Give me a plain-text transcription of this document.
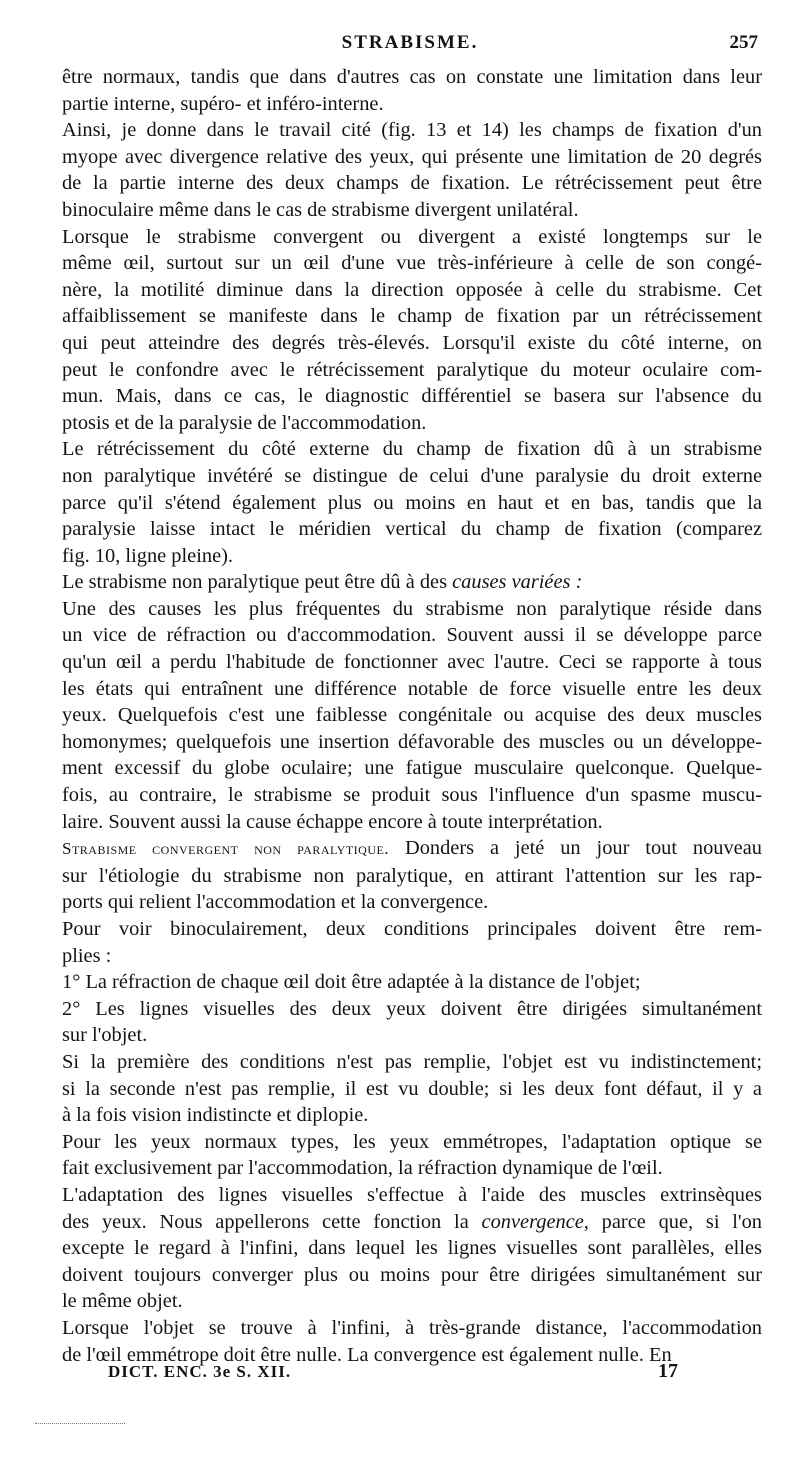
STRABISME.	257
être normaux, tandis que dans d'autres cas on constate une limitation dans leur
partie interne, supéro- et inféro-interne.
Ainsi, je donne dans le travail cité (fig. 13 et 14) les champs de fixation d'un
myope avec divergence relative des yeux, qui présente une limitation de 20 degrés
de la partie interne des deux champs de fixation. Le rétrécissement peut être
binoculaire même dans le cas de strabisme divergent unilatéral.
Lorsque le strabisme convergent ou divergent a existé longtemps sur le
même œil, surtout sur un œil d'une vue très-inférieure à celle de son congé-
nère, la motilité diminue dans la direction opposée à celle du strabisme. Cet
affaiblissement se manifeste dans le champ de fixation par un rétrécissement
qui peut atteindre des degrés très-élevés. Lorsqu'il existe du côté interne, on
peut le confondre avec le rétrécissement paralytique du moteur oculaire com-
mun. Mais, dans ce cas, le diagnostic différentiel se basera sur l'absence du
ptosis et de la paralysie de l'accommodation.
Le rétrécissement du côté externe du champ de fixation dû à un strabisme
non paralytique invétéré se distingue de celui d'une paralysie du droit externe
parce qu'il s'étend également plus ou moins en haut et en bas, tandis que la
paralysie laisse intact le méridien vertical du champ de fixation (comparez
fig. 10, ligne pleine).
Le strabisme non paralytique peut être dû à des causes variées :
Une des causes les plus fréquentes du strabisme non paralytique réside dans
un vice de réfraction ou d'accommodation. Souvent aussi il se développe parce
qu'un œil a perdu l'habitude de fonctionner avec l'autre. Ceci se rapporte à tous
les états qui entraînent une différence notable de force visuelle entre les deux
yeux. Quelquefois c'est une faiblesse congénitale ou acquise des deux muscles
homonymes; quelquefois une insertion défavorable des muscles ou un développe-
ment excessif du globe oculaire; une fatigue musculaire quelconque. Quelque-
fois, au contraire, le strabisme se produit sous l'influence d'un spasme muscu-
laire. Souvent aussi la cause échappe encore à toute interprétation.
Strabisme convergent non paralytique. Donders a jeté un jour tout nouveau
sur l'étiologie du strabisme non paralytique, en attirant l'attention sur les rap-
ports qui relient l'accommodation et la convergence.
Pour voir binoculairement, deux conditions principales doivent être rem-
plies :
1° La réfraction de chaque œil doit être adaptée à la distance de l'objet;
2° Les lignes visuelles des deux yeux doivent être dirigées simultanément
sur l'objet.
Si la première des conditions n'est pas remplie, l'objet est vu indistinctement;
si la seconde n'est pas remplie, il est vu double; si les deux font défaut, il y a
à la fois vision indistincte et diplopie.
Pour les yeux normaux types, les yeux emmétropes, l'adaptation optique se
fait exclusivement par l'accommodation, la réfraction dynamique de l'œil.
L'adaptation des lignes visuelles s'effectue à l'aide des muscles extrinsèques
des yeux. Nous appellerons cette fonction la convergence, parce que, si l'on
excepte le regard à l'infini, dans lequel les lignes visuelles sont parallèles, elles
doivent toujours converger plus ou moins pour être dirigées simultanément sur
le même objet.
Lorsque l'objet se trouve à l'infini, à très-grande distance, l'accommodation
de l'œil emmétrope doit être nulle. La convergence est également nulle. En
DICT. ENC. 3e S. XII.	17
